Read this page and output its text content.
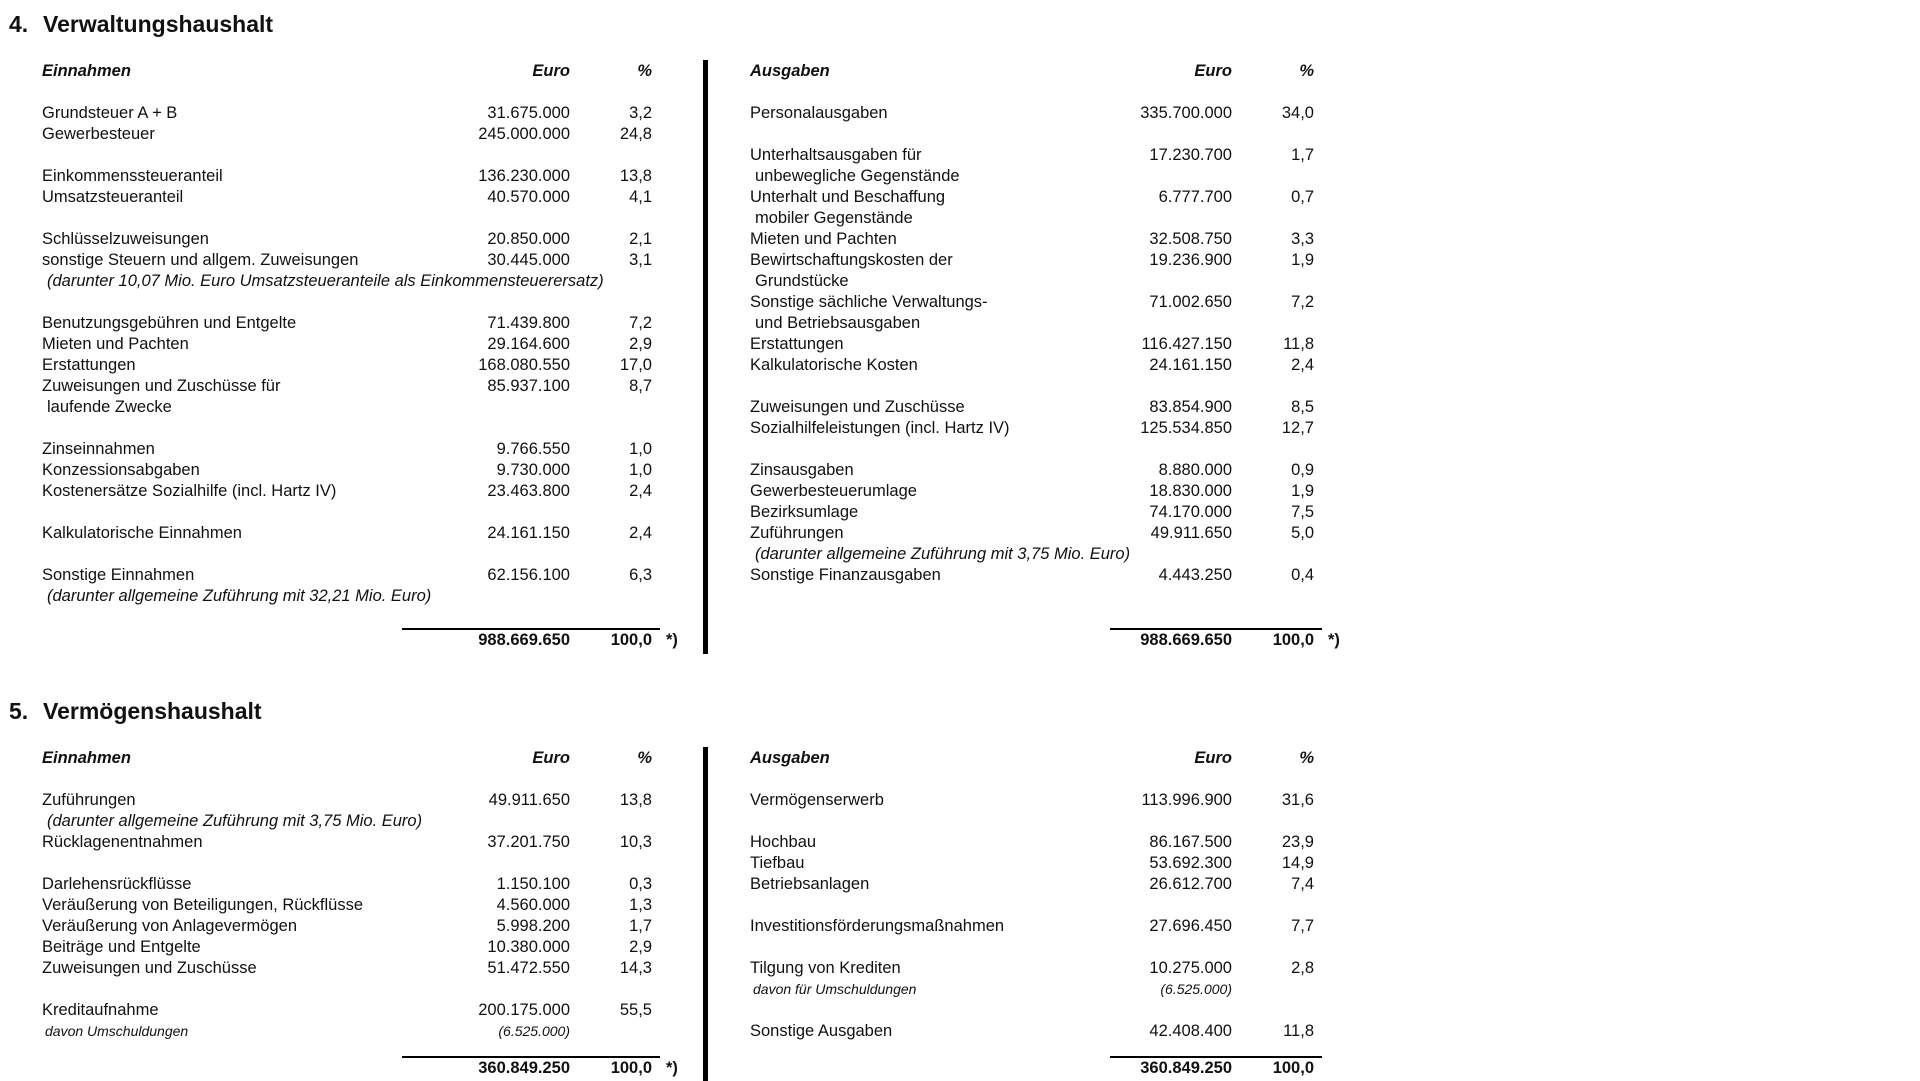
4. Verwaltungshaushalt
5. Vermögenshaushalt
Einnahmen	Euro	%
Grundsteuer A + B	31.675.000	3,2
Gewerbesteuer	245.000.000	24,8
Einkommenssteueranteil	136.230.000	13,8
Umsatzsteueranteil	40.570.000	4,1
Schlüsselzuweisungen	20.850.000	2,1
sonstige Steuern und allgem. Zuweisungen	30.445.000	3,1
(darunter 10,07 Mio. Euro Umsatzsteueranteile als Einkommensteuerersatz)
Benutzungsgebühren und Entgelte	71.439.800	7,2
Mieten und Pachten	29.164.600	2,9
Erstattungen	168.080.550	17,0
Zuweisungen und Zuschüsse für	85.937.100	8,7
laufende Zwecke
Zinseinnahmen	9.766.550	1,0
Konzessionsabgaben	9.730.000	1,0
Kostenersätze Sozialhilfe (incl. Hartz IV)	23.463.800	2,4
Kalkulatorische Einnahmen	24.161.150	2,4
Sonstige Einnahmen	62.156.100	6,3
(darunter allgemeine Zuführung mit 32,21 Mio. Euro)
988.669.650 100,0 *)
Ausgaben	Euro	%
Personalausgaben	335.700.000	34,0
Unterhaltsausgaben für	17.230.700	1,7
unbewegliche Gegenstände
Unterhalt und Beschaffung	6.777.700	0,7
mobiler Gegenstände
Mieten und Pachten	32.508.750	3,3
Bewirtschaftungskosten der	19.236.900	1,9
Grundstücke
Sonstige sächliche Verwaltungs-	71.002.650	7,2
und Betriebsausgaben
Erstattungen	116.427.150	11,8
Kalkulatorische Kosten	24.161.150	2,4
Zuweisungen und Zuschüsse	83.854.900	8,5
Sozialhilfeleistungen (incl. Hartz IV)	125.534.850	12,7
Zinsausgaben	8.880.000	0,9
Gewerbesteuerumlage	18.830.000	1,9
Bezirksumlage	74.170.000	7,5
Zuführungen	49.911.650	5,0
(darunter allgemeine Zuführung mit 3,75 Mio. Euro)
Sonstige Finanzausgaben	4.443.250	0,4
988.669.650 100,0 *)
Einnahmen	Euro	%
Zuführungen	49.911.650	13,8
(darunter allgemeine Zuführung mit 3,75 Mio. Euro)
Rücklagenentnahmen	37.201.750	10,3
Darlehensrückflüsse	1.150.100	0,3
Veräußerung von Beteiligungen, Rückflüsse	4.560.000	1,3
Veräußerung von Anlagevermögen	5.998.200	1,7
Beiträge und Entgelte	10.380.000	2,9
Zuweisungen und Zuschüsse	51.472.550	14,3
Kreditaufnahme	200.175.000	55,5
davon Umschuldungen	(6.525.000)
360.849.250 100,0 *)
Ausgaben	Euro	%
Vermögenserwerb	113.996.900	31,6
Hochbau	86.167.500	23,9
Tiefbau	53.692.300	14,9
Betriebsanlagen	26.612.700	7,4
Investitionsförderungsmaßnahmen	27.696.450	7,7
Tilgung von Krediten	10.275.000	2,8
davon für Umschuldungen	(6.525.000)
Sonstige Ausgaben	42.408.400	11,8
360.849.250 100,0
